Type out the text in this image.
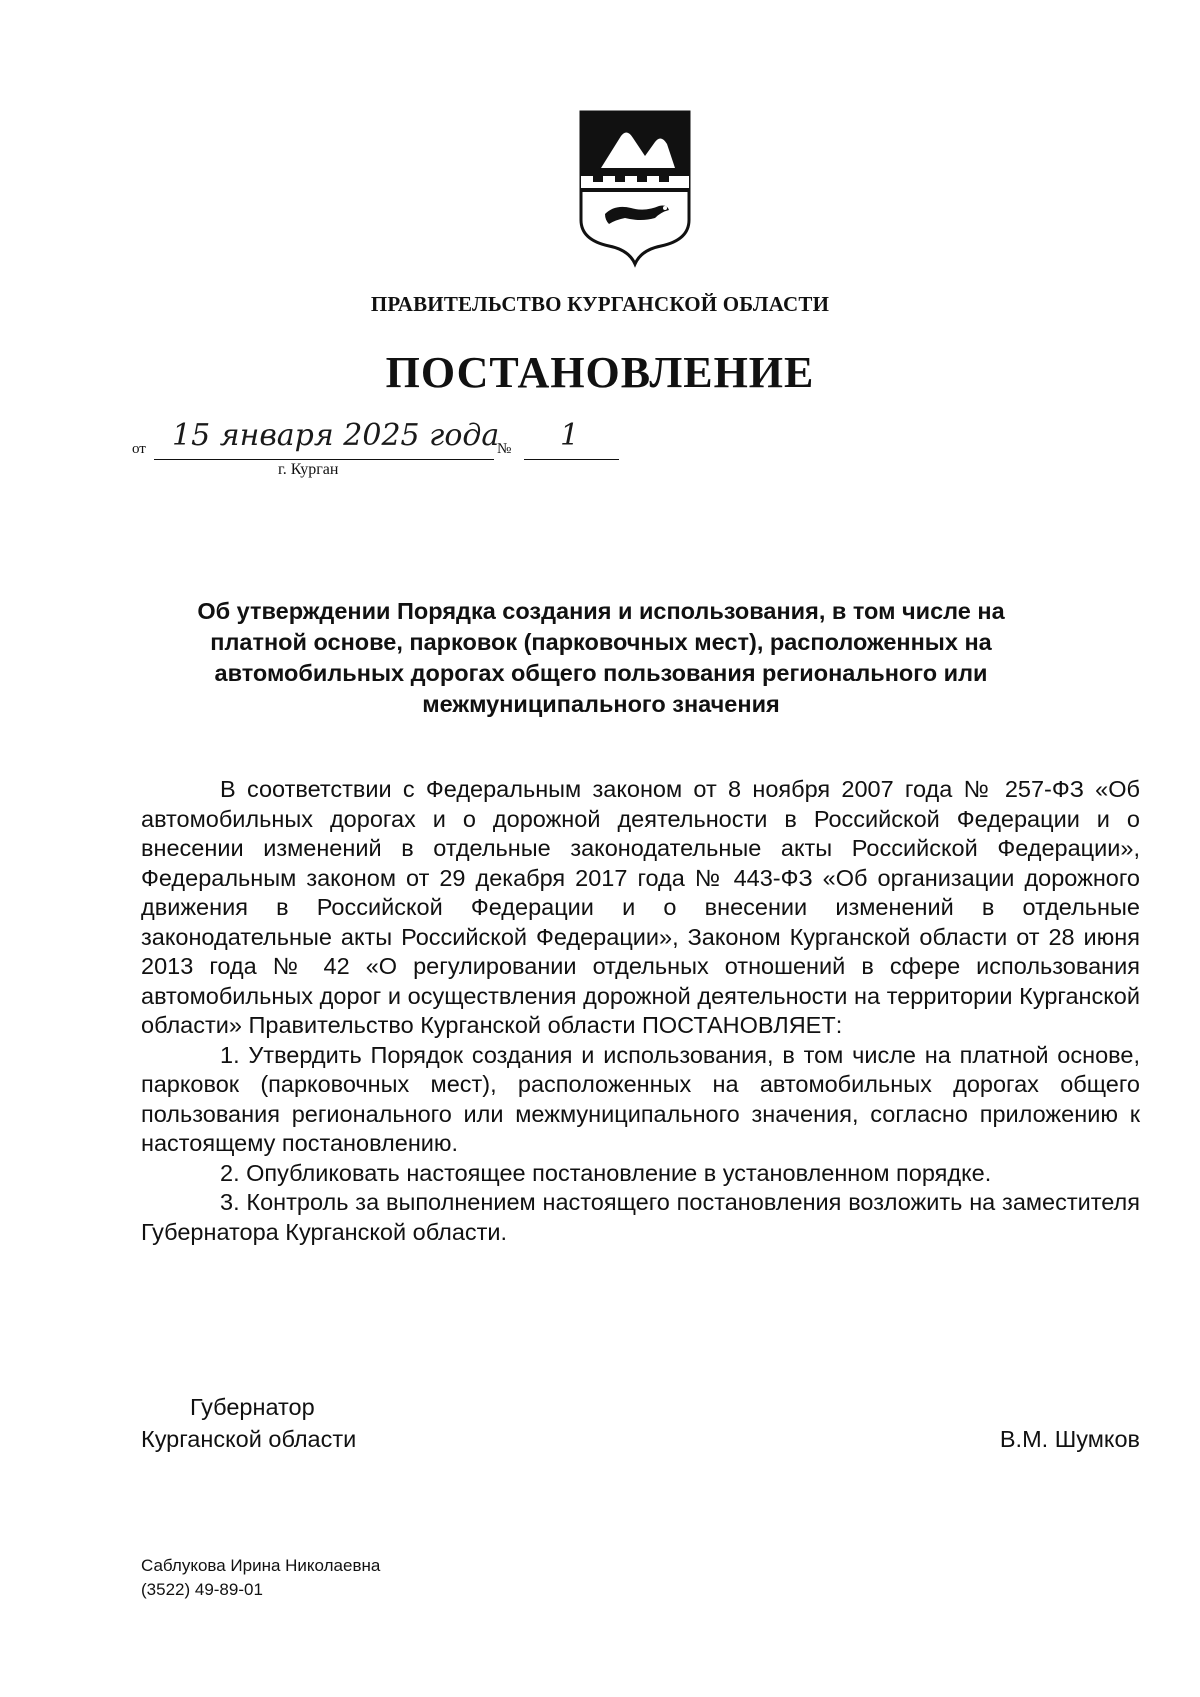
ПРАВИТЕЛЬСТВО КУРГАНСКОЙ ОБЛАСТИ
ПОСТАНОВЛЕНИЕ
от 15 января 2025 года
№ 1
г. Курган
Об утверждении Порядка создания и использования, в том числе на платной основе, парковок (парковочных мест), расположенных на автомобильных дорогах общего пользования регионального или межмуниципального значения

В соответствии с Федеральным законом от 8 ноября 2007 года № 257-ФЗ «Об автомобильных дорогах и о дорожной деятельности в Российской Федерации и о внесении изменений в отдельные законодательные акты Российской Федерации», Федеральным законом от 29 декабря 2017 года № 443-ФЗ «Об организации дорожного движения в Российской Федерации и о внесении изменений в отдельные законодательные акты Российской Федерации», Законом Курганской области от 28 июня 2013 года № 42 «О регулировании отдельных отношений в сфере использования автомобильных дорог и осуществления дорожной деятельности на территории Курганской области» Правительство Курганской области ПОСТАНОВЛЯЕТ:

1. Утвердить Порядок создания и использования, в том числе на платной основе, парковок (парковочных мест), расположенных на автомобильных дорогах общего пользования регионального или межмуниципального значения, согласно приложению к настоящему постановлению.

2. Опубликовать настоящее постановление в установленном порядке.

3. Контроль за выполнением настоящего постановления возложить на заместителя Губернатора Курганской области.

Губернатор
Курганской области	В.М. Шумков
Саблукова Ирина Николаевна
(3522) 49-89-01
